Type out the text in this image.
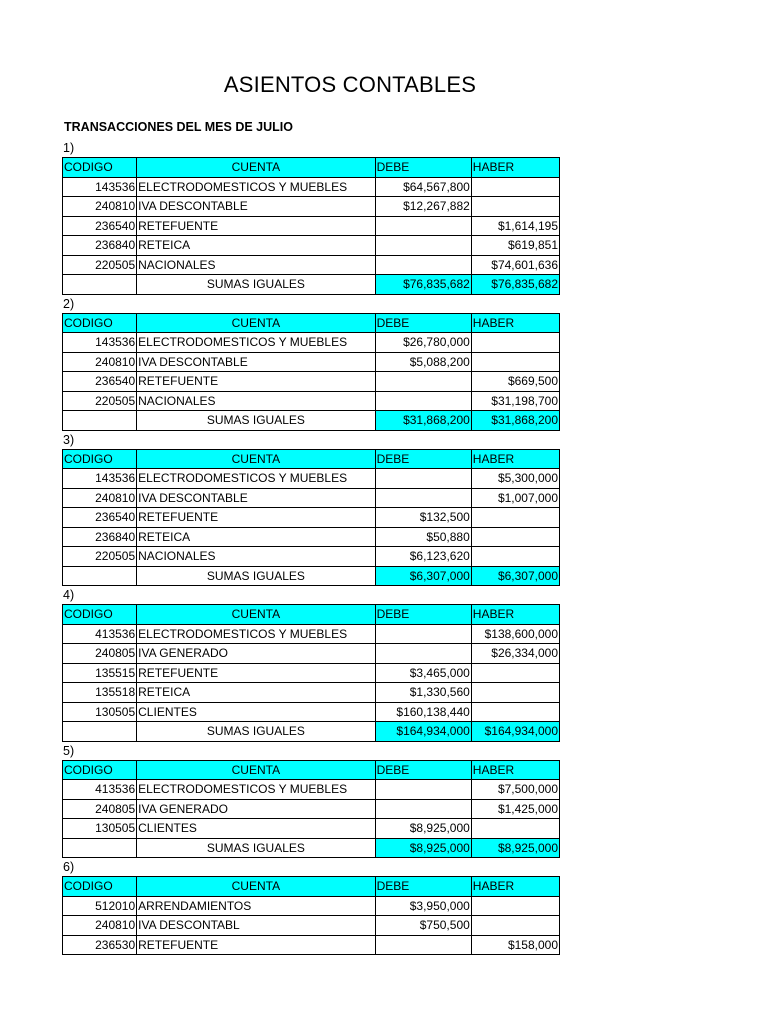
ASIENTOS CONTABLES
TRANSACCIONES DEL MES DE JULIO
1)
CODIGO	CUENTA	DEBE	HABER
143536	ELECTRODOMESTICOS Y MUEBLES	$64,567,800	
240810	IVA DESCONTABLE	$12,267,882	
236540	RETEFUENTE		$1,614,195
236840	RETEICA		$619,851
220505	NACIONALES		$74,601,636
	SUMAS IGUALES	$76,835,682	$76,835,682
2)
CODIGO	CUENTA	DEBE	HABER
143536	ELECTRODOMESTICOS Y MUEBLES	$26,780,000	
240810	IVA DESCONTABLE	$5,088,200	
236540	RETEFUENTE		$669,500
220505	NACIONALES		$31,198,700
	SUMAS IGUALES	$31,868,200	$31,868,200
3)
CODIGO	CUENTA	DEBE	HABER
143536	ELECTRODOMESTICOS Y MUEBLES		$5,300,000
240810	IVA DESCONTABLE		$1,007,000
236540	RETEFUENTE	$132,500	
236840	RETEICA	$50,880	
220505	NACIONALES	$6,123,620	
	SUMAS IGUALES	$6,307,000	$6,307,000
4)
CODIGO	CUENTA	DEBE	HABER
413536	ELECTRODOMESTICOS Y MUEBLES		$138,600,000
240805	IVA GENERADO		$26,334,000
135515	RETEFUENTE	$3,465,000	
135518	RETEICA	$1,330,560	
130505	CLIENTES	$160,138,440	
	SUMAS IGUALES	$164,934,000	$164,934,000
5)
CODIGO	CUENTA	DEBE	HABER
413536	ELECTRODOMESTICOS Y MUEBLES		$7,500,000
240805	IVA GENERADO		$1,425,000
130505	CLIENTES	$8,925,000	
	SUMAS IGUALES	$8,925,000	$8,925,000
6)
CODIGO	CUENTA	DEBE	HABER
512010	ARRENDAMIENTOS	$3,950,000	
240810	IVA DESCONTABL	$750,500	
236530	RETEFUENTE		$158,000
